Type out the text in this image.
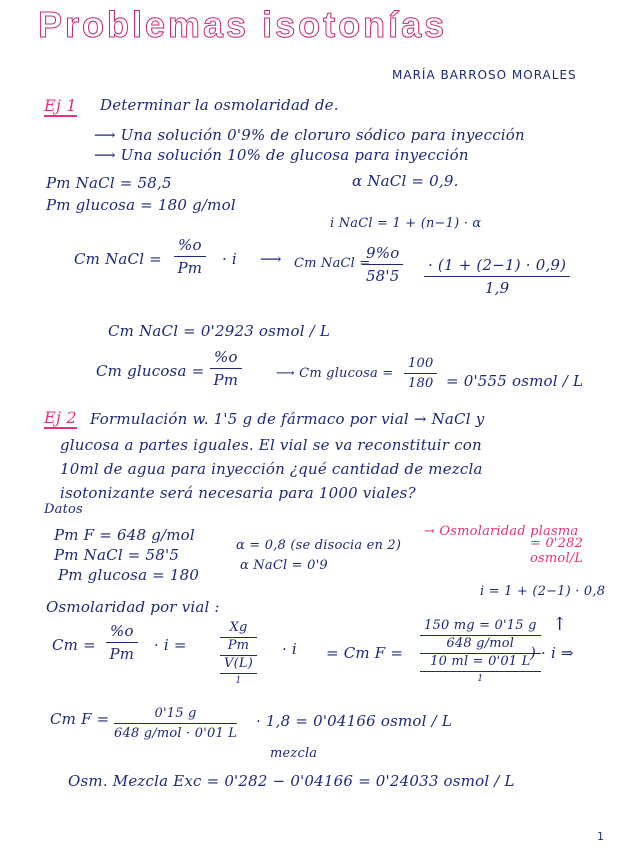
Problemas isotonías
MARÍA BARROSO MORALES
Ej 1 Determinar la osmolaridad de.
⟶ Una solución 0'9% de cloruro sódico para inyección
⟶ Una solución 10% de glucosa para inyección
Pm NaCl = 58,5
Pm glucosa = 180 g/mol
α NaCl = 0,9.
i NaCl = 1 + (n−1) · α
Cm NaCl = $\frac{\%o}{Pm} \cdot i$ ⟶ Cm NaCl =
$\frac{9\%o}{58'5} \frac{\cdot (1 + (2-1) \cdot 0,9)}{1,9}$
Cm NaCl = 0'2923 osmol / L
Cm $glucosa = \frac{\%o}{Pm}$	⟶ Cm $glucosa = \frac{100}{180} = 0'555$ osmol / L
Ej 2 Formulación w. 1'5 g de fármaco por vial → NaCl y
glucosa a partes iguales. El vial se va reconstituir con
10ml de agua para inyección ¿qué cantidad de mezcla
isotonizante será necesaria para 1000 viales?
Datos
Pm F = 648 g/mol
Pm NaCl = 58'5
Pm glucosa = 180
α = 0,8 (se disocia en 2)
α NaCl = 0'9
→ Osmolaridad plasma
= 0'282 osmol/L
i = 1 + (2−1) · 0,8
Osmolaridad por vial :
$Cm = \frac{\%o}{Pm} \cdot i$ =
Xg
Pm
V(L)
1
· i = Cm F =
150 mg = 0'15 g
648 g/mol
10 ml = 0'01 L
1
) · i ⇒
↑
Cm F =	0'15 g
648 g/mol · 0'01 L
· 1,8 = 0'04166 osmol / L
mezcla
Osm. Mezcla Exc = 0'282 − 0'04166 = 0'24033 osmol / L
1
